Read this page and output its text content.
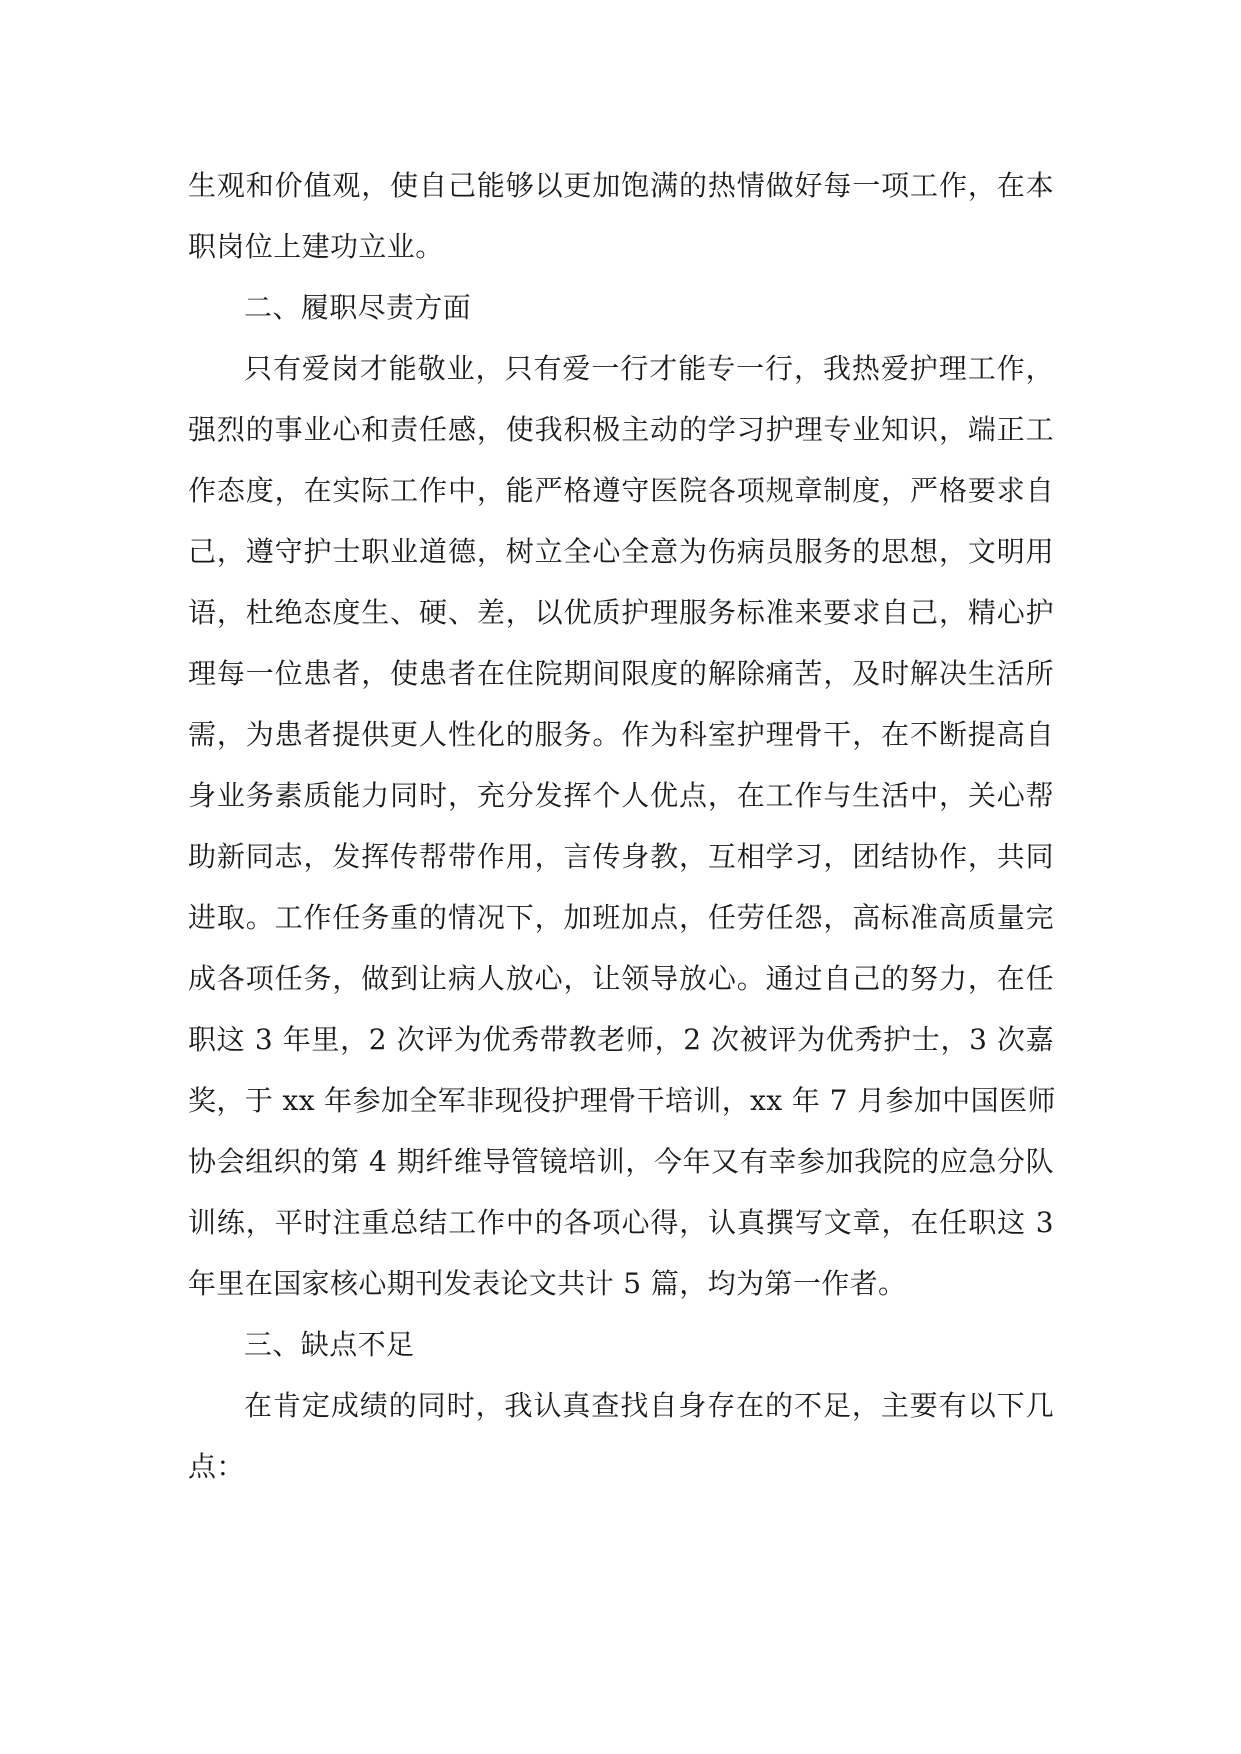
生观和价值观，使自己能够以更加饱满的热情做好每一项工作，在本
职岗位上建功立业。
二、履职尽责方面
只有爱岗才能敬业，只有爱一行才能专一行，我热爱护理工作，
强烈的事业心和责任感，使我积极主动的学习护理专业知识，端正工
作态度，在实际工作中，能严格遵守医院各项规章制度，严格要求自
己，遵守护士职业道德，树立全心全意为伤病员服务的思想，文明用
语，杜绝态度生、硬、差，以优质护理服务标准来要求自己，精心护
理每一位患者，使患者在住院期间限度的解除痛苦，及时解决生活所
需，为患者提供更人性化的服务。作为科室护理骨干，在不断提高自
身业务素质能力同时，充分发挥个人优点，在工作与生活中，关心帮
助新同志，发挥传帮带作用，言传身教，互相学习，团结协作，共同
进取。工作任务重的情况下，加班加点，任劳任怨，高标准高质量完
成各项任务，做到让病人放心，让领导放心。通过自己的努力，在任
职这 3 年里，2 次评为优秀带教老师，2 次被评为优秀护士，3 次嘉
奖，于 xx 年参加全军非现役护理骨干培训，xx 年 7 月参加中国医师
协会组织的第 4 期纤维导管镜培训，今年又有幸参加我院的应急分队
训练，平时注重总结工作中的各项心得，认真撰写文章，在任职这 3
年里在国家核心期刊发表论文共计 5 篇，均为第一作者。
三、缺点不足
在肯定成绩的同时，我认真查找自身存在的不足，主要有以下几
点：
